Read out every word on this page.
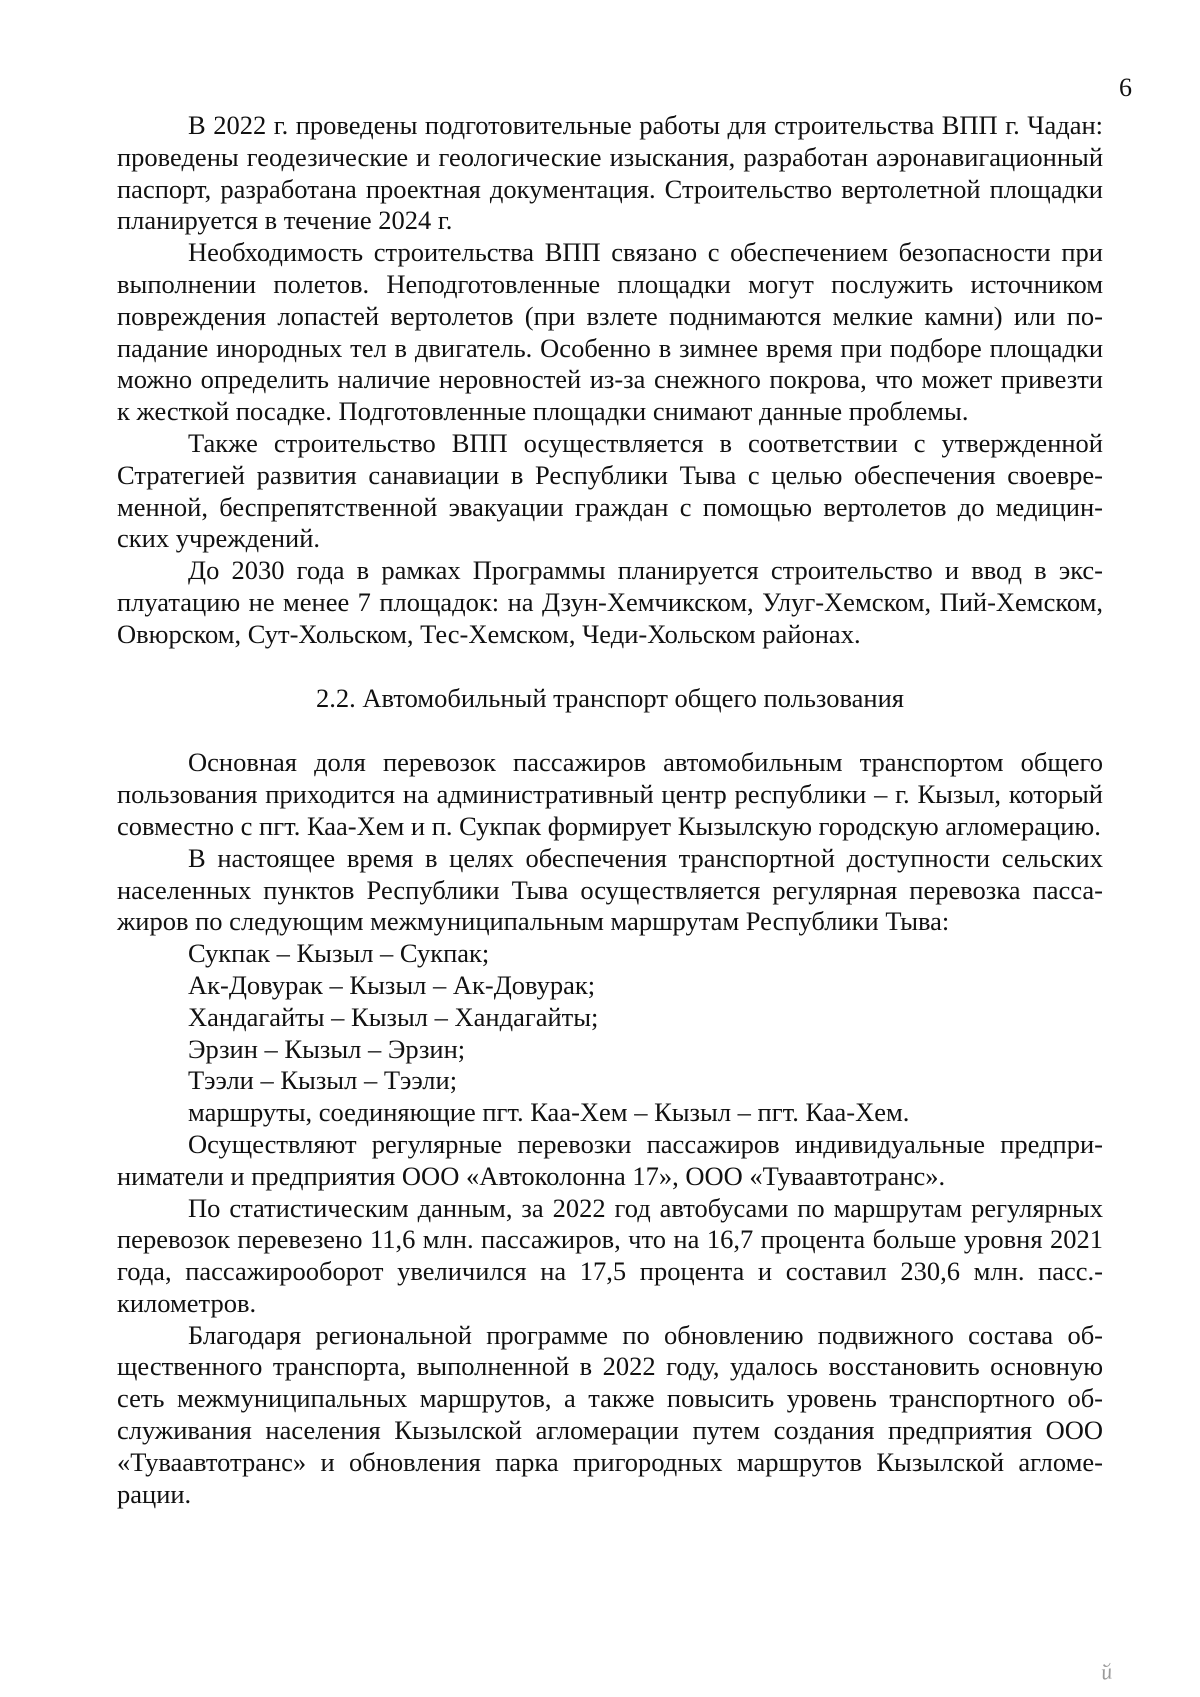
6

В 2022 г. проведены подготовительные работы для строительства ВПП г. Чадан: проведены геодезические и геологические изыскания, разработан аэронавигационный паспорт, разработана проектная документация. Строительство вертолетной площадки планируется в течение 2024 г.

Необходимость строительства ВПП связано с обеспечением безопасности при выполнении полетов. Неподготовленные площадки могут послужить источником повреждения лопастей вертолетов (при взлете поднимаются мелкие камни) или попадание инородных тел в двигатель. Особенно в зимнее время при подборе площадки можно определить наличие неровностей из-за снежного покрова, что может привезти к жесткой посадке. Подготовленные площадки снимают данные проблемы.

Также строительство ВПП осуществляется в соответствии с утвержденной Стратегией развития санавиации в Республики Тыва с целью обеспечения своевременной, беспрепятственной эвакуации граждан с помощью вертолетов до медицинских учреждений.

До 2030 года в рамках Программы планируется строительство и ввод в эксплуатацию не менее 7 площадок: на Дзун-Хемчикском, Улуг-Хемском, Пий-Хемском, Овюрском, Сут-Хольском, Тес-Хемском, Чеди-Хольском районах.

2.2. Автомобильный транспорт общего пользования

Основная доля перевозок пассажиров автомобильным транспортом общего пользования приходится на административный центр республики – г. Кызыл, который совместно с пгт. Каа-Хем и п. Сукпак формирует Кызылскую городскую агломерацию.

В настоящее время в целях обеспечения транспортной доступности сельских населенных пунктов Республики Тыва осуществляется регулярная перевозка пассажиров по следующим межмуниципальным маршрутам Республики Тыва:

Сукпак – Кызыл – Сукпак;

Ак-Довурак – Кызыл – Ак-Довурак;

Хандагайты – Кызыл – Хандагайты;

Эрзин – Кызыл – Эрзин;

Тээли – Кызыл – Тээли;

маршруты, соединяющие пгт. Каа-Хем – Кызыл – пгт. Каа-Хем.

Осуществляют регулярные перевозки пассажиров индивидуальные предприниматели и предприятия ООО «Автоколонна 17», ООО «Туваавтотранс».

По статистическим данным, за 2022 год автобусами по маршрутам регулярных перевозок перевезено 11,6 млн. пассажиров, что на 16,7 процента больше уровня 2021 года, пассажирооборот увеличился на 17,5 процента и составил 230,6 млн. пасс.-километров.

Благодаря региональной программе по обновлению подвижного состава общественного транспорта, выполненной в 2022 году, удалось восстановить основную сеть межмуниципальных маршрутов, а также повысить уровень транспортного обслуживания населения Кызылской агломерации путем создания предприятия ООО «Туваавтотранс» и обновления парка пригородных маршрутов Кызылской агломерации.

й
